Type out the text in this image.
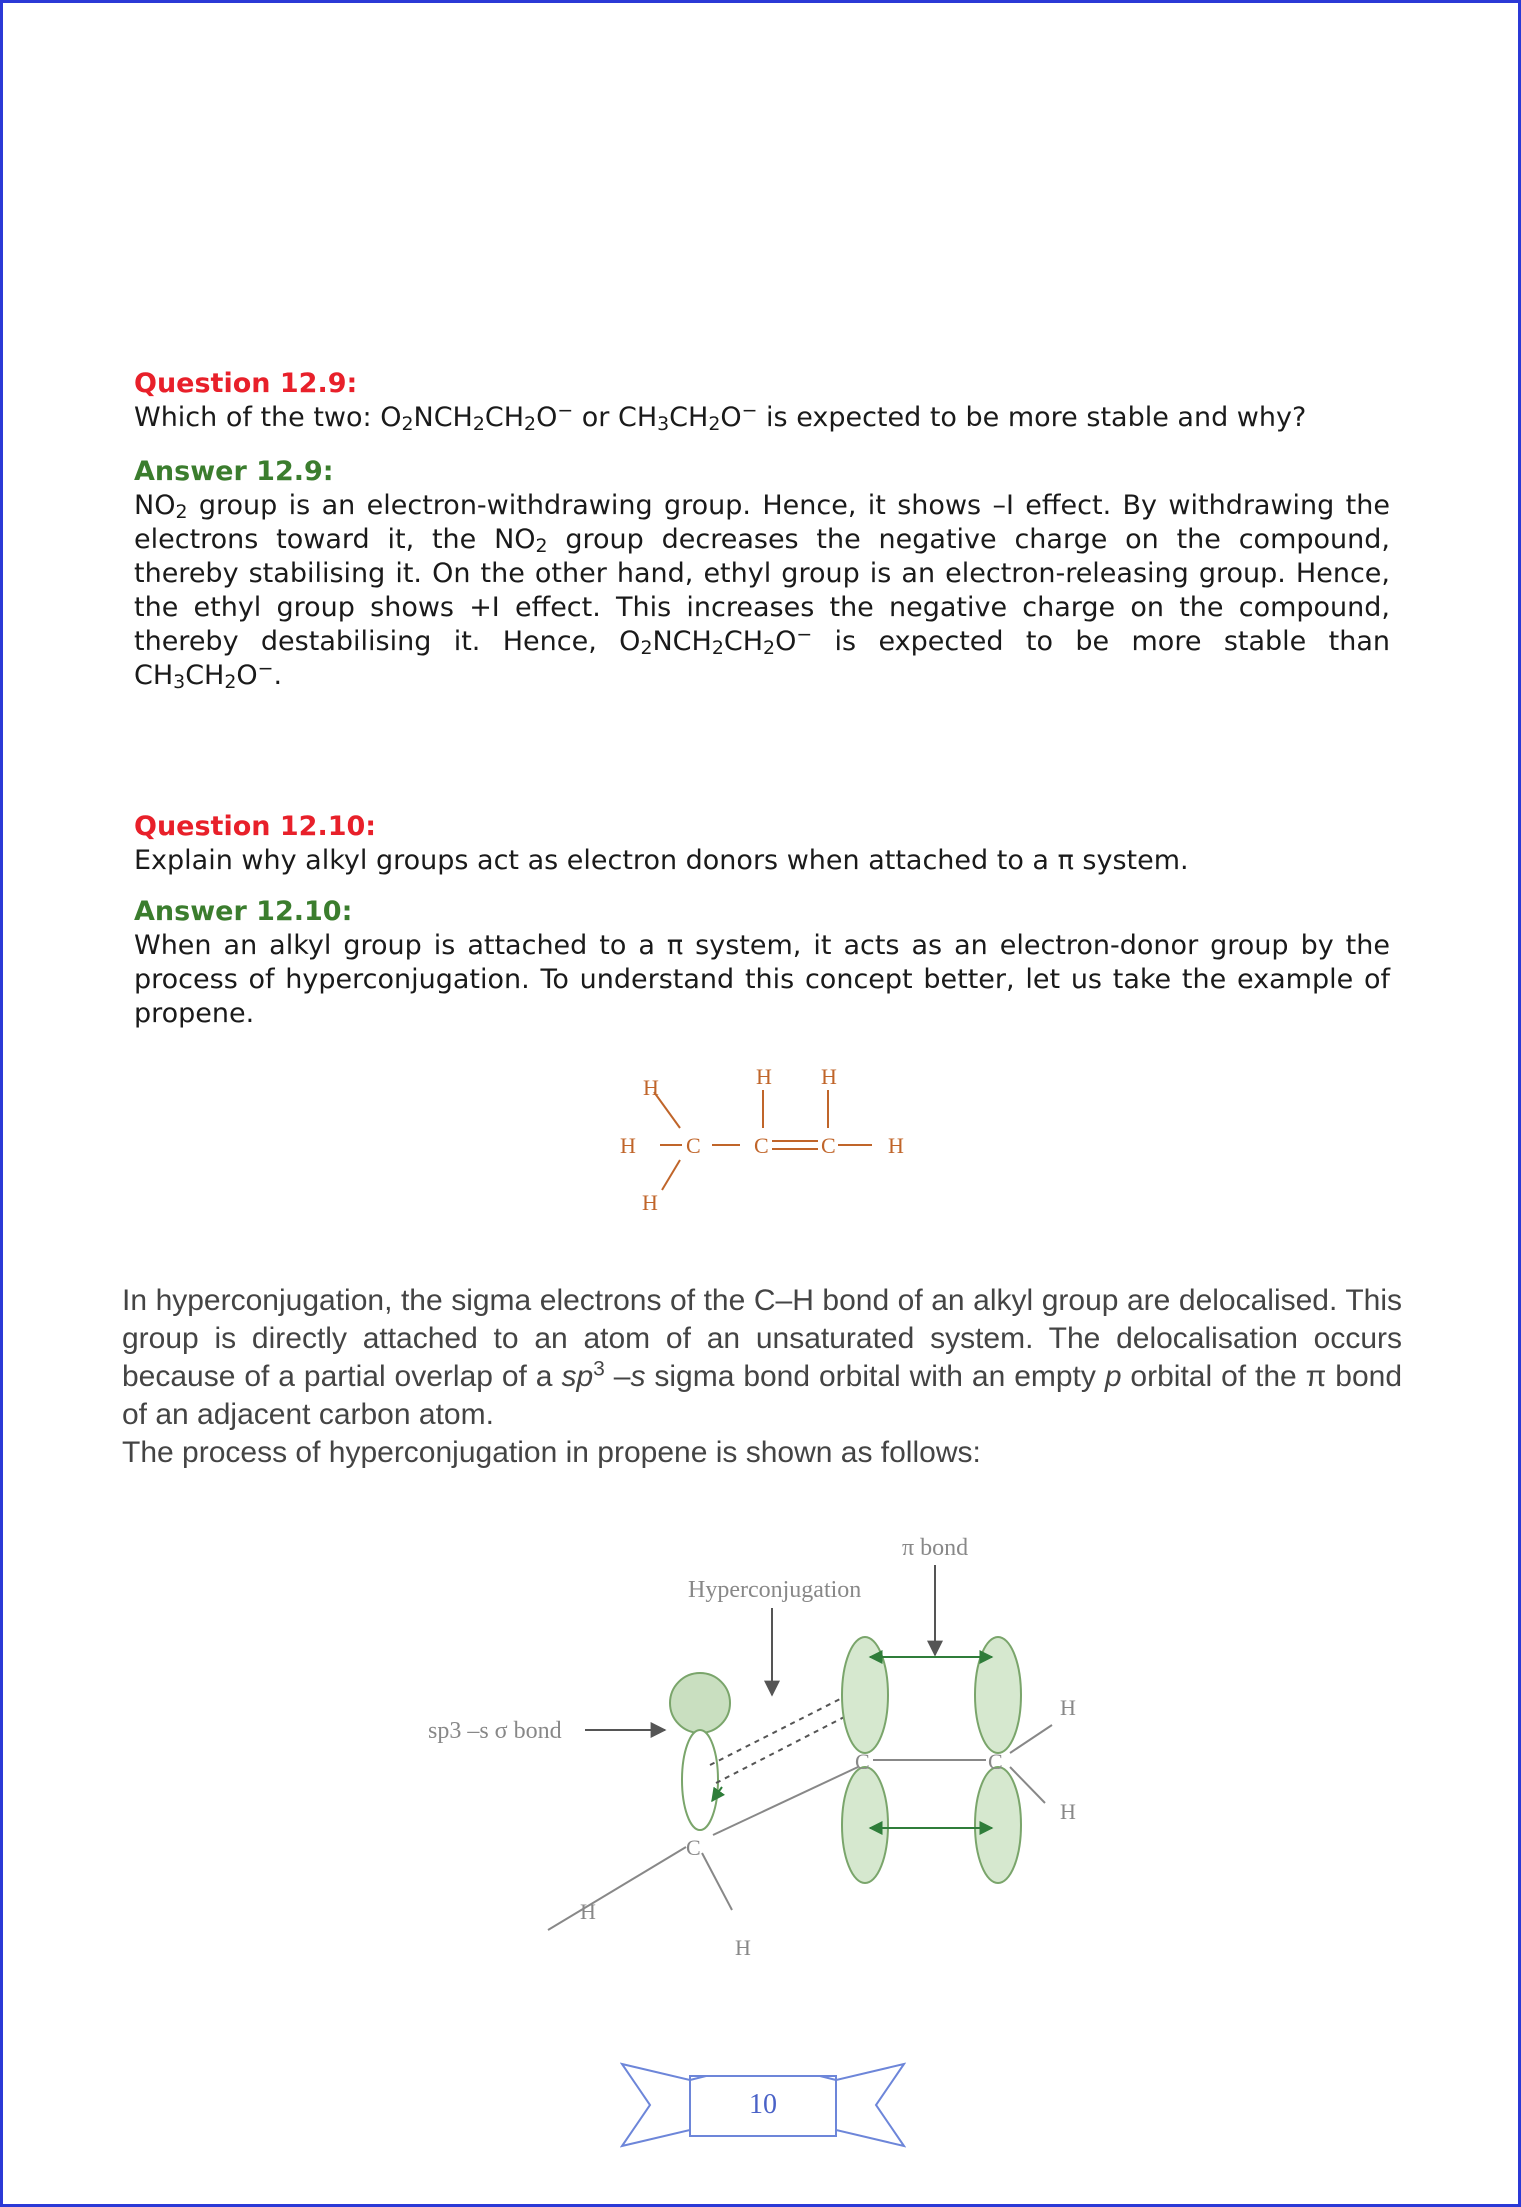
Question 12.9:

Which of the two: $O_2NCH_2CH_2O^-$ or $CH_3CH_2O^-$ is expected to be more stable and why?

Answer 12.9:

$NO_2$ group is an electron-withdrawing group. Hence, it shows –I effect. By withdrawing the electrons toward it, the $NO_2$ group decreases the negative charge on the compound, thereby stabilising it. On the other hand, ethyl group is an electron-releasing group. Hence, the ethyl group shows +I effect. This increases the negative charge on the compound, thereby destabilising it. Hence, $O_2NCH_2CH_2O^-$ is expected to be more stable than $CH_3CH_2O^-$.

Question 12.10:

Explain why alkyl groups act as electron donors when attached to a π system.

Answer 12.10:

When an alkyl group is attached to a π system, it acts as an electron-donor group by the process of hyperconjugation. To understand this concept better, let us take the example of propene.

H H
H
H
H
C C C H

In hyperconjugation, the sigma electrons of the C–H bond of an alkyl group are delocalised. This group is directly attached to an atom of an unsaturated system. The delocalisation occurs because of a partial overlap of a $sp^3$ –s sigma bond orbital with an empty p orbital of the π bond of an adjacent carbon atom.

The process of hyperconjugation in propene is shown as follows:

π bond
Hyperconjugation
sp3 –s σ bond
C	C
C
H
H
H
H
10
